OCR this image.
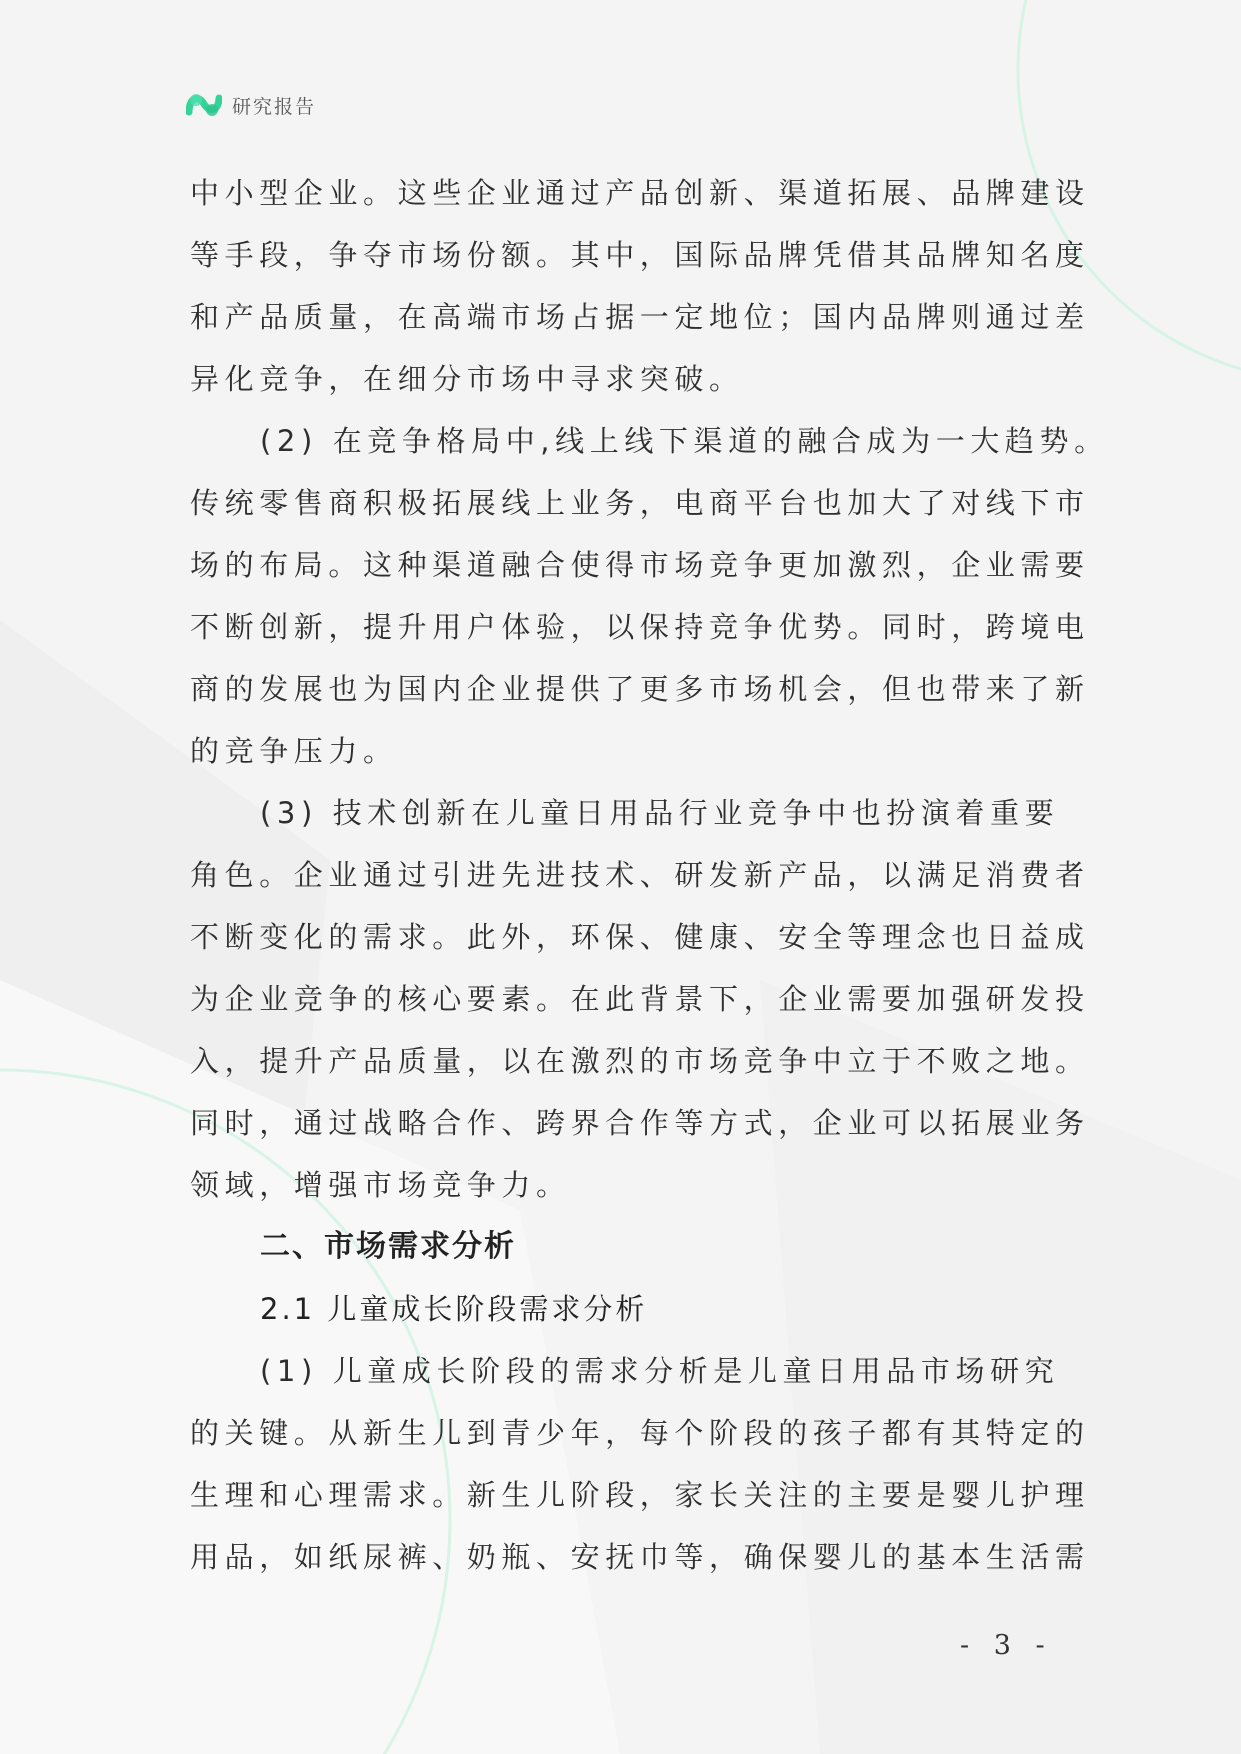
研究报告
中小型企业。这些企业通过产品创新、渠道拓展、品牌建设
等手段，争夺市场份额。其中，国际品牌凭借其品牌知名度
和产品质量，在高端市场占据一定地位；国内品牌则通过差
异化竞争，在细分市场中寻求突破。
(2) 在竞争格局中,线上线下渠道的融合成为一大趋势。
传统零售商积极拓展线上业务，电商平台也加大了对线下市
场的布局。这种渠道融合使得市场竞争更加激烈，企业需要
不断创新，提升用户体验，以保持竞争优势。同时，跨境电
商的发展也为国内企业提供了更多市场机会，但也带来了新
的竞争压力。
(3) 技术创新在儿童日用品行业竞争中也扮演着重要
角色。企业通过引进先进技术、研发新产品，以满足消费者
不断变化的需求。此外，环保、健康、安全等理念也日益成
为企业竞争的核心要素。在此背景下，企业需要加强研发投
入，提升产品质量，以在激烈的市场竞争中立于不败之地。
同时，通过战略合作、跨界合作等方式，企业可以拓展业务
领域，增强市场竞争力。
二、市场需求分析
2.1 儿童成长阶段需求分析
(1) 儿童成长阶段的需求分析是儿童日用品市场研究
的关键。从新生儿到青少年，每个阶段的孩子都有其特定的
生理和心理需求。新生儿阶段，家长关注的主要是婴儿护理
用品，如纸尿裤、奶瓶、安抚巾等，确保婴儿的基本生活需
- 3 -
